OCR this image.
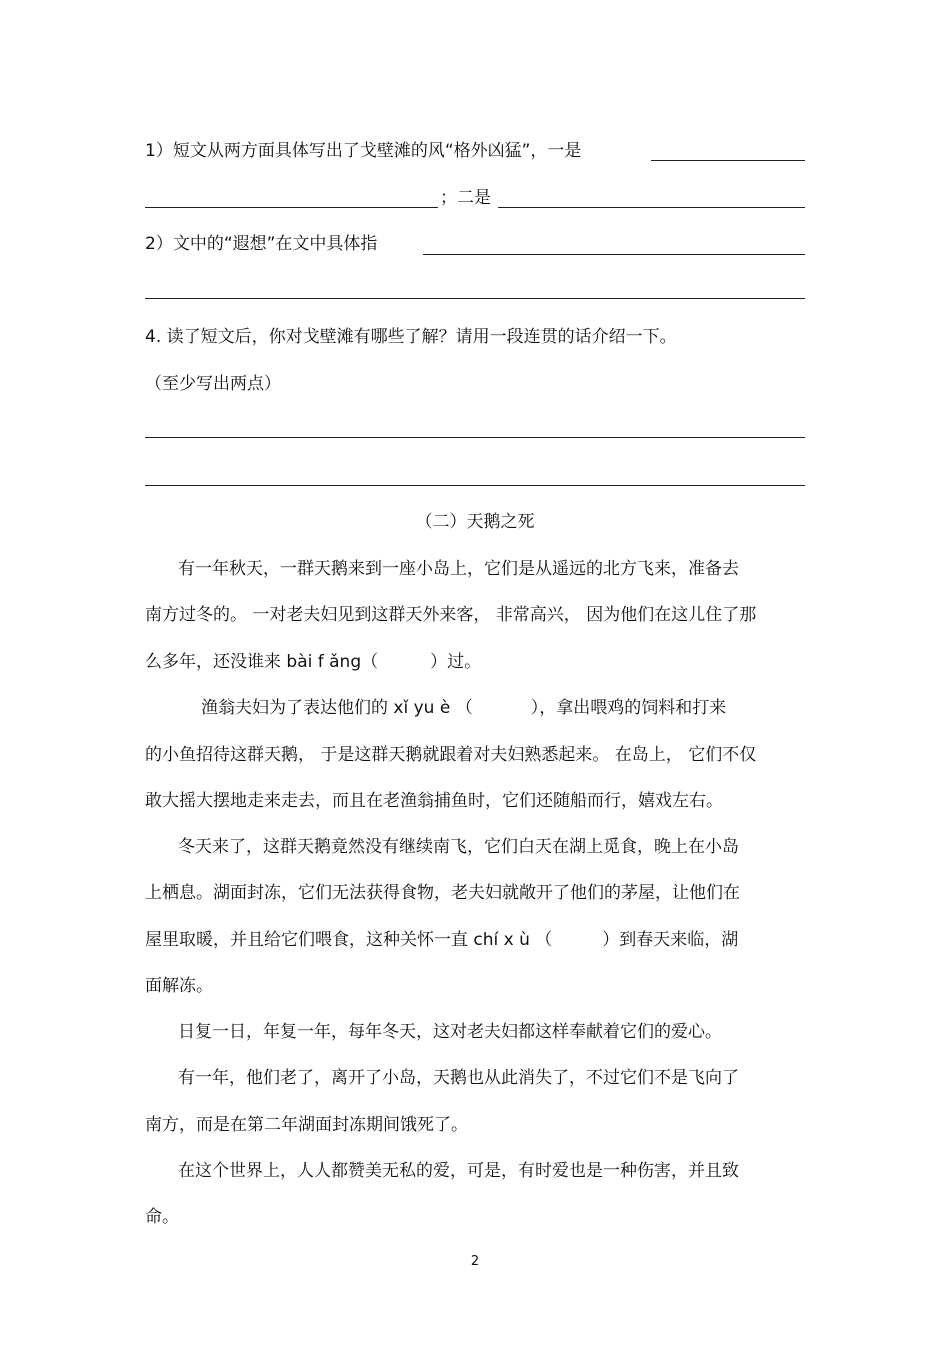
1）短文从两方面具体写出了戈壁滩的风“格外凶猛”，一是
；二是
2）文中的“遐想”在文中具体指
4. 读了短文后，你对戈壁滩有哪些了解？请用一段连贯的话介绍一下。
（至少写出两点）
（二）天鹅之死
有一年秋天，一群天鹅来到一座小岛上，它们是从遥远的北方飞来，准备去
南方过冬的。 一对老夫妇见到这群天外来客， 非常高兴， 因为他们在这儿住了那
么多年，还没谁来 bài f ǎng（	）过。
渔翁夫妇为了表达他们的 xǐ yu è （	），拿出喂鸡的饲料和打来
的小鱼招待这群天鹅， 于是这群天鹅就跟着对夫妇熟悉起来。 在岛上， 它们不仅
敢大摇大摆地走来走去，而且在老渔翁捕鱼时，它们还随船而行，嬉戏左右。
冬天来了，这群天鹅竟然没有继续南飞，它们白天在湖上觅食，晚上在小岛
上栖息。湖面封冻，它们无法获得食物，老夫妇就敞开了他们的茅屋，让他们在
屋里取暖，并且给它们喂食，这种关怀一直 chí x ù （	）到春天来临，湖
面解冻。
日复一日，年复一年，每年冬天，这对老夫妇都这样奉献着它们的爱心。
有一年，他们老了，离开了小岛，天鹅也从此消失了，不过它们不是飞向了
南方，而是在第二年湖面封冻期间饿死了。
在这个世界上，人人都赞美无私的爱，可是，有时爱也是一种伤害，并且致
命。
2
